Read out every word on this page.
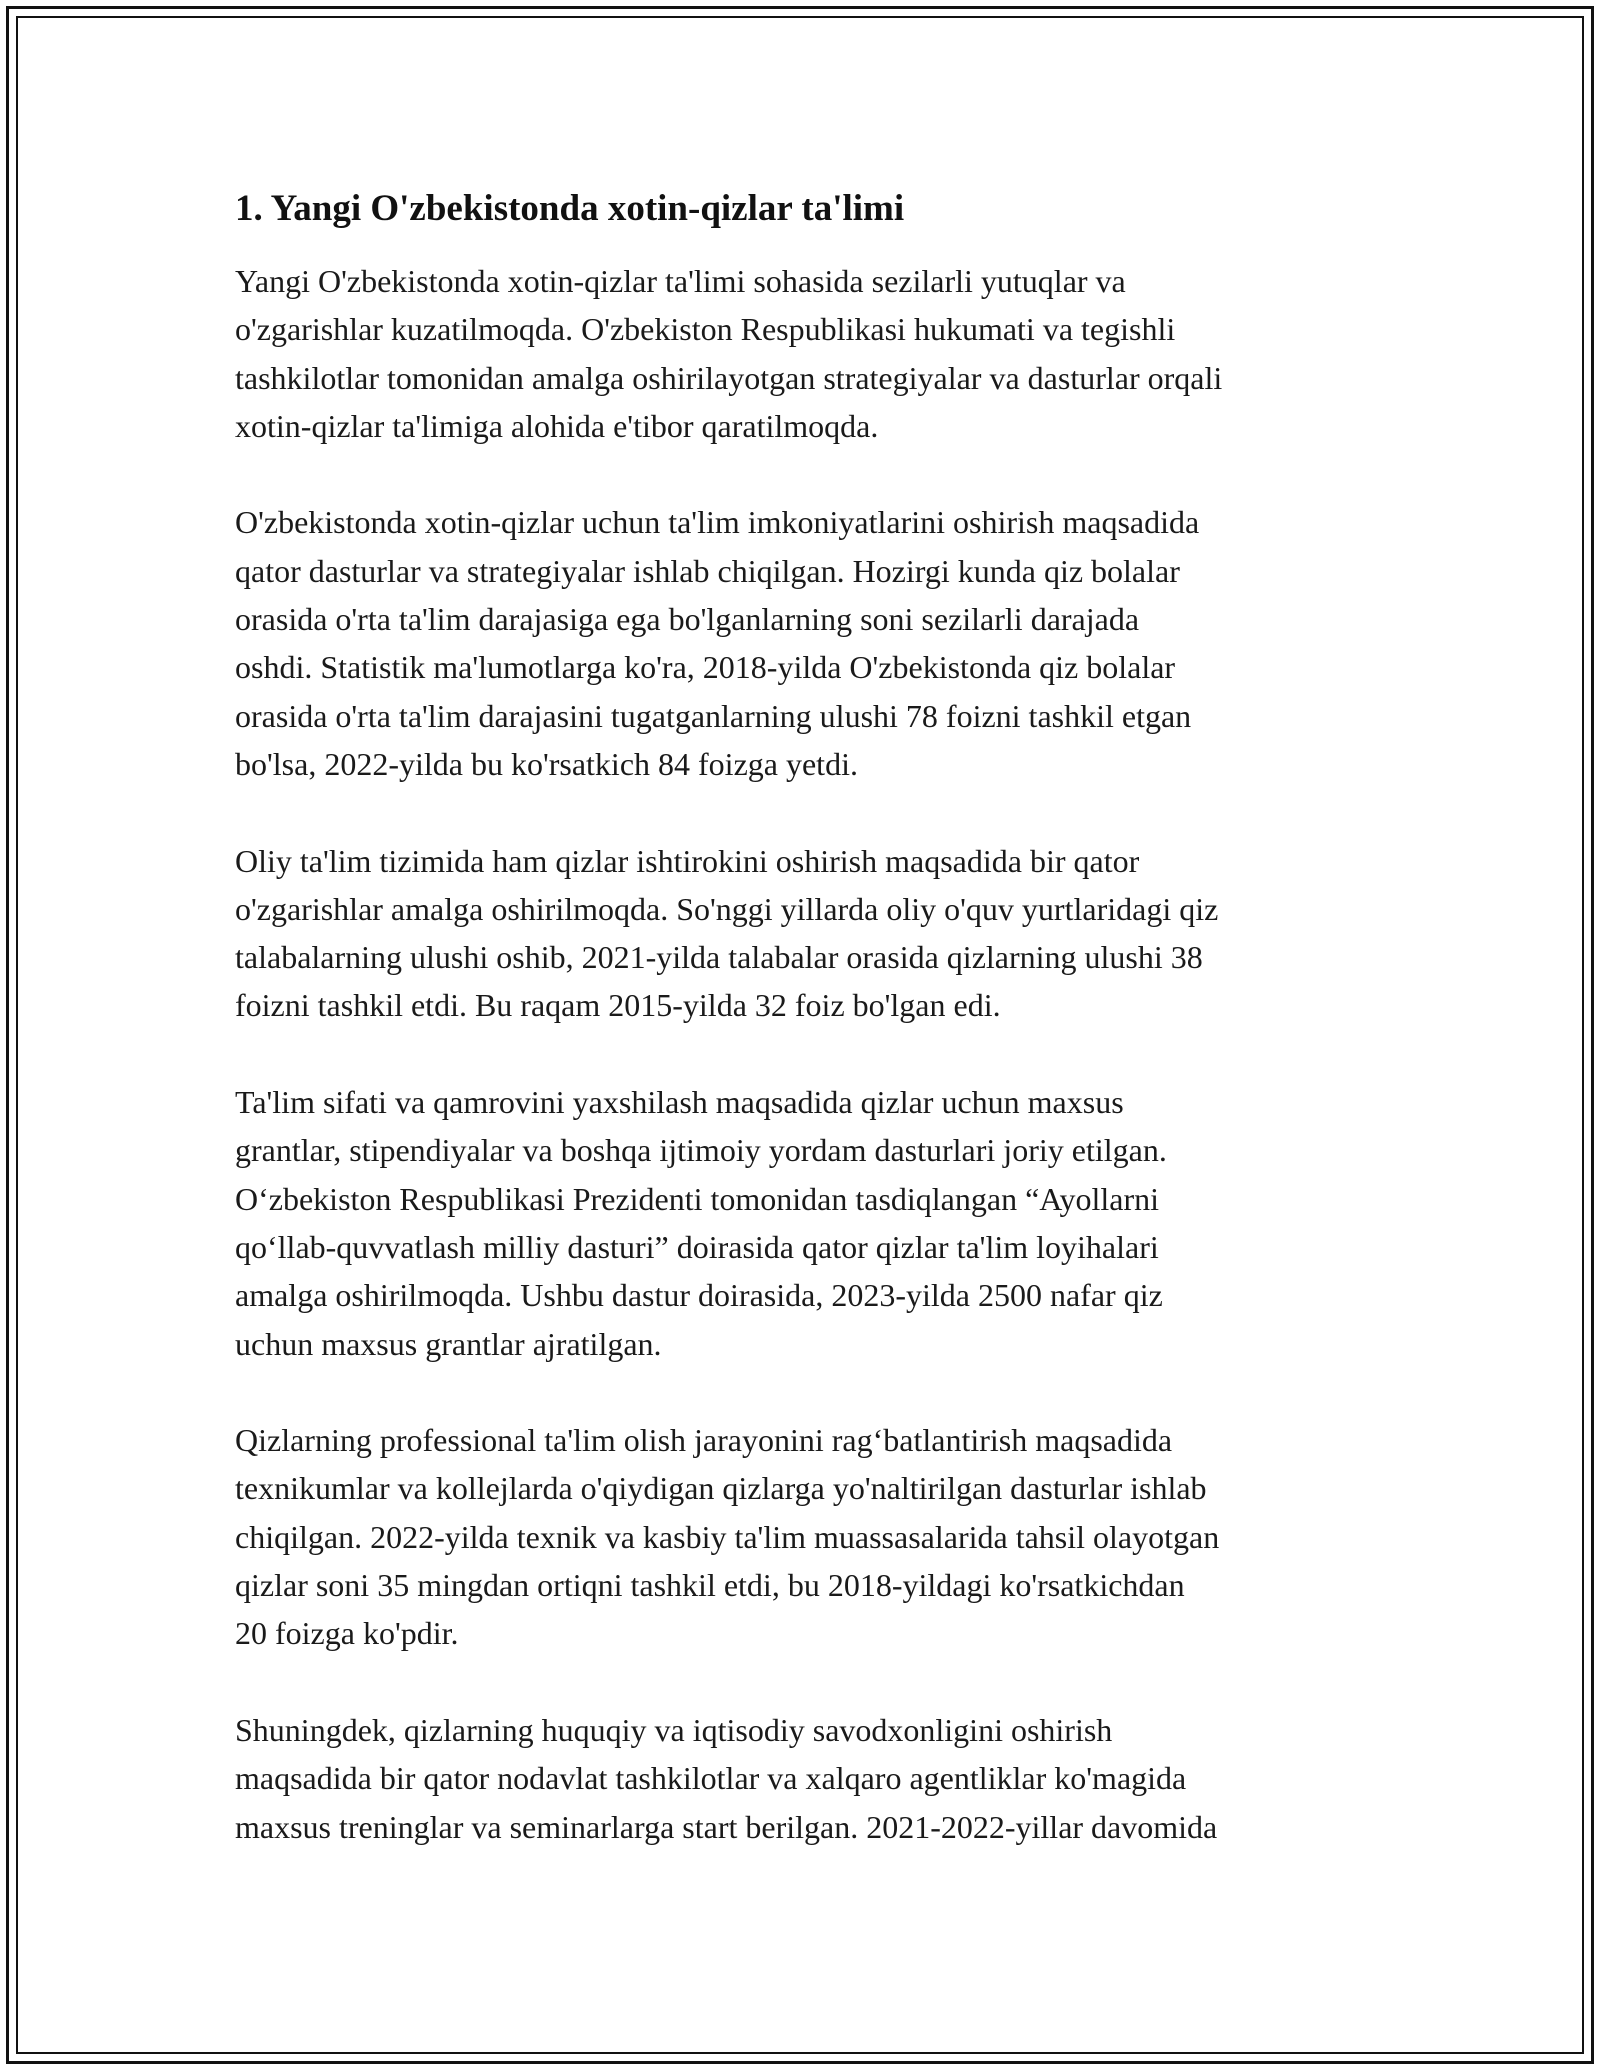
1. Yangi O'zbekistonda xotin-qizlar ta'limi
Yangi O'zbekistonda xotin-qizlar ta'limi sohasida sezilarli yutuqlar va
o'zgarishlar kuzatilmoqda. O'zbekiston Respublikasi hukumati va tegishli
tashkilotlar tomonidan amalga oshirilayotgan strategiyalar va dasturlar orqali
xotin-qizlar ta'limiga alohida e'tibor qaratilmoqda.
O'zbekistonda xotin-qizlar uchun ta'lim imkoniyatlarini oshirish maqsadida
qator dasturlar va strategiyalar ishlab chiqilgan. Hozirgi kunda qiz bolalar
orasida o'rta ta'lim darajasiga ega bo'lganlarning soni sezilarli darajada
oshdi. Statistik ma'lumotlarga ko'ra, 2018-yilda O'zbekistonda qiz bolalar
orasida o'rta ta'lim darajasini tugatganlarning ulushi 78 foizni tashkil etgan
bo'lsa, 2022-yilda bu ko'rsatkich 84 foizga yetdi.
Oliy ta'lim tizimida ham qizlar ishtirokini oshirish maqsadida bir qator
o'zgarishlar amalga oshirilmoqda. So'nggi yillarda oliy o'quv yurtlaridagi qiz
talabalarning ulushi oshib, 2021-yilda talabalar orasida qizlarning ulushi 38
foizni tashkil etdi. Bu raqam 2015-yilda 32 foiz bo'lgan edi.
Ta'lim sifati va qamrovini yaxshilash maqsadida qizlar uchun maxsus
grantlar, stipendiyalar va boshqa ijtimoiy yordam dasturlari joriy etilgan.
O‘zbekiston Respublikasi Prezidenti tomonidan tasdiqlangan “Ayollarni
qo‘llab-quvvatlash milliy dasturi” doirasida qator qizlar ta'lim loyihalari
amalga oshirilmoqda. Ushbu dastur doirasida, 2023-yilda 2500 nafar qiz
uchun maxsus grantlar ajratilgan.
Qizlarning professional ta'lim olish jarayonini rag‘batlantirish maqsadida
texnikumlar va kollejlarda o'qiydigan qizlarga yo'naltirilgan dasturlar ishlab
chiqilgan. 2022-yilda texnik va kasbiy ta'lim muassasalarida tahsil olayotgan
qizlar soni 35 mingdan ortiqni tashkil etdi, bu 2018-yildagi ko'rsatkichdan
20 foizga ko'pdir.
Shuningdek, qizlarning huquqiy va iqtisodiy savodxonligini oshirish
maqsadida bir qator nodavlat tashkilotlar va xalqaro agentliklar ko'magida
maxsus treninglar va seminarlarga start berilgan. 2021-2022-yillar davomida
